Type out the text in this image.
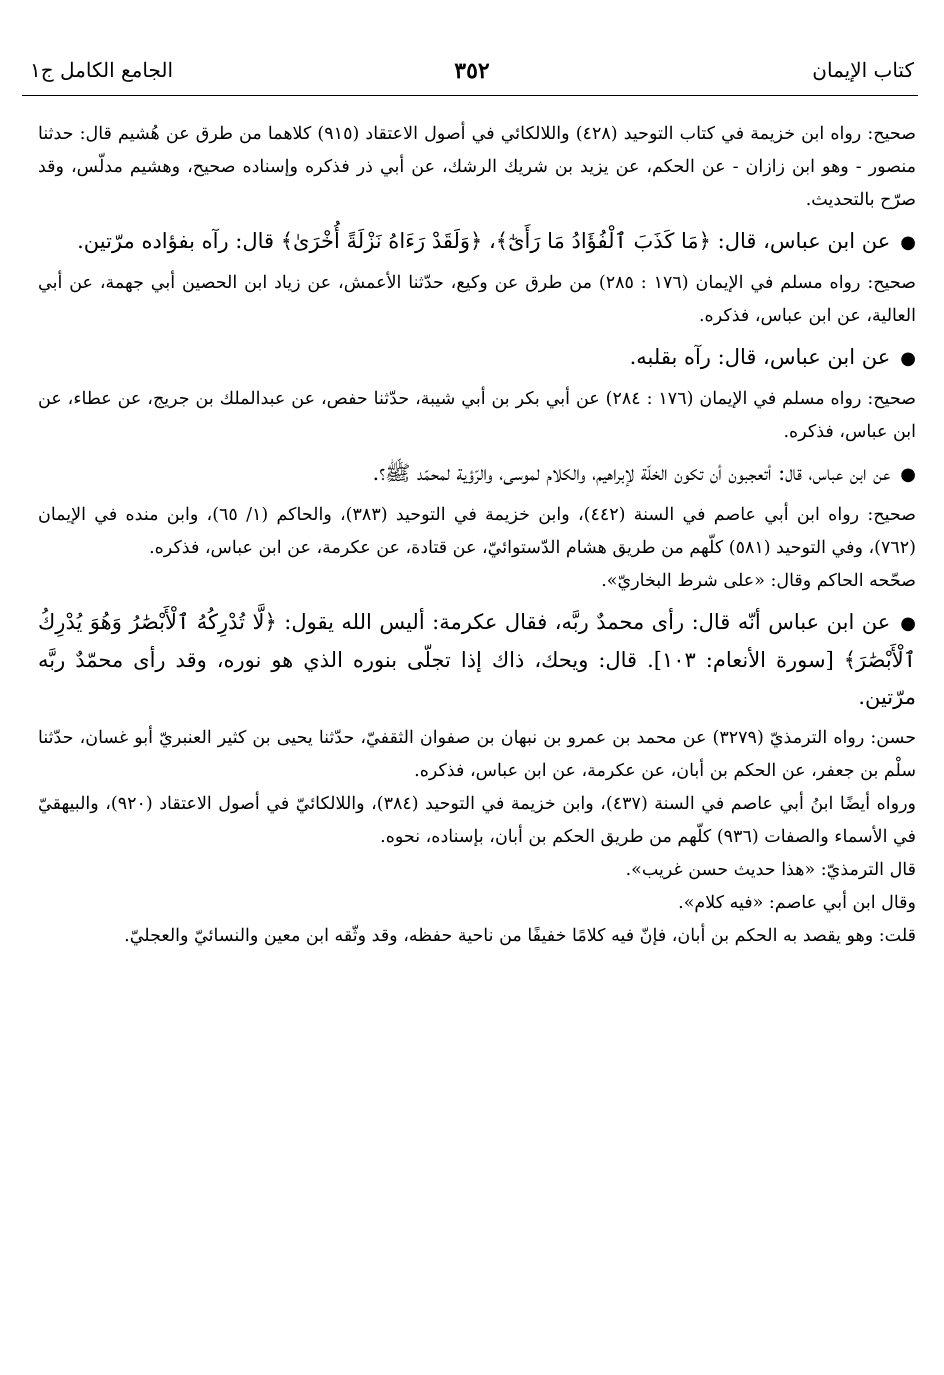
كتاب الإيمان
٣٥٢
الجامع الكامل ج١

صحيح: رواه ابن خزيمة في كتاب التوحيد (٤٢٨) واللالكائي في أصول الاعتقاد (٩١٥) كلاهما من طرق عن هُشيم قال: حدثنا منصور - وهو ابن زازان - عن الحكم، عن يزيد بن شريك الرشك، عن أبي ذر فذكره وإسناده صحيح، وهشيم مدلّس، وقد صرّح بالتحديث.

●عن ابن عباس، قال: ﴿مَا كَذَبَ ٱلْفُؤَادُ مَا رَأَىٰٓ﴾، ﴿وَلَقَدْ رَءَاهُ نَزْلَةً أُخْرَىٰ﴾ قال: رآه بفؤاده مرّتين.

صحيح: رواه مسلم في الإيمان (١٧٦ : ٢٨٥) من طرق عن وكيع، حدّثنا الأعمش، عن زياد ابن الحصين أبي جهمة، عن أبي العالية، عن ابن عباس، فذكره.

●عن ابن عباس، قال: رآه بقلبه.

صحيح: رواه مسلم في الإيمان (١٧٦ : ٢٨٤) عن أبي بكر بن أبي شيبة، حدّثنا حفص، عن عبدالملك بن جريج، عن عطاء، عن ابن عباس، فذكره.

●عن ابن عباس، قال: أتعجبون أن تكون الخلّة لإبراهيم، والكلام لموسى، والرّؤية لمحمّد ﷺ؟.

صحيح: رواه ابن أبي عاصم في السنة (٤٤٢)، وابن خزيمة في التوحيد (٣٨٣)، والحاكم (١/ ٦٥)، وابن منده في الإيمان (٧٦٢)، وفي التوحيد (٥٨١) كلّهم من طريق هشام الدّستوائيّ، عن قتادة، عن عكرمة، عن ابن عباس، فذكره.

صحّحه الحاكم وقال: «على شرط البخاريّ».

●عن ابن عباس أنّه قال: رأى محمدٌ ربَّه، فقال عكرمة: أليس الله يقول: ﴿لَّا تُدْرِكُهُ ٱلْأَبْصَٰرُ وَهُوَ يُدْرِكُ ٱلْأَبْصَٰرَ﴾ [سورة الأنعام: ١٠٣]. قال: ويحك، ذاك إذا تجلّى بنوره الذي هو نوره، وقد رأى محمّدٌ ربَّه مرّتين.

حسن: رواه الترمذيّ (٣٢٧٩) عن محمد بن عمرو بن نبهان بن صفوان الثقفيّ، حدّثنا يحيى بن كثير العنبريّ أبو غسان، حدّثنا سلْم بن جعفر، عن الحكم بن أبان، عن عكرمة، عن ابن عباس، فذكره.

ورواه أيضًا ابنُ أبي عاصم في السنة (٤٣٧)، وابن خزيمة في التوحيد (٣٨٤)، واللالكائيّ في أصول الاعتقاد (٩٢٠)، والبيهقيّ في الأسماء والصفات (٩٣٦) كلّهم من طريق الحكم بن أبان، بإسناده، نحوه.

قال الترمذيّ: «هذا حديث حسن غريب».

وقال ابن أبي عاصم: «فيه كلام».

قلت: وهو يقصد به الحكم بن أبان، فإنّ فيه كلامًا خفيفًا من ناحية حفظه، وقد وثّقه ابن معين والنسائيّ والعجليّ.
